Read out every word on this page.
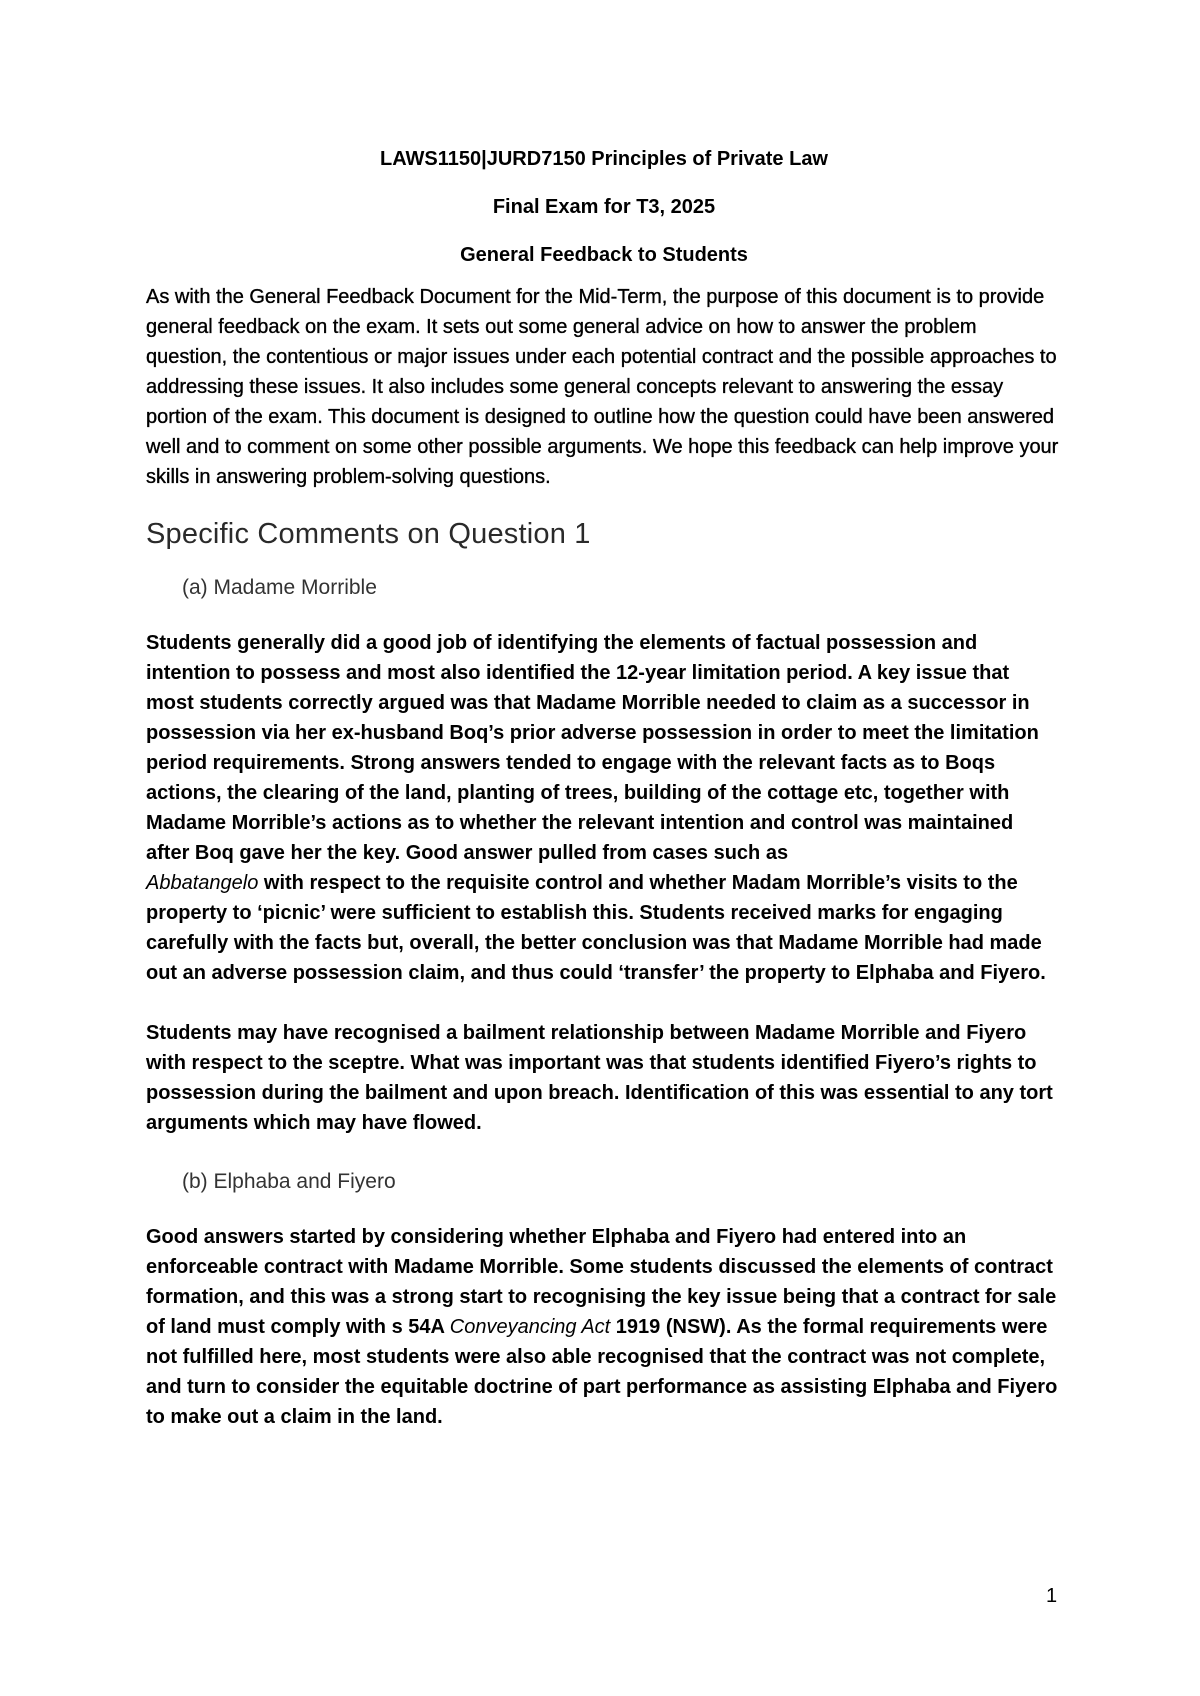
LAWS1150|JURD7150 Principles of Private Law

Final Exam for T3, 2025

General Feedback to Students

As with the General Feedback Document for the Mid-Term, the purpose of this document is to provide general feedback on the exam. It sets out some general advice on how to answer the problem question, the contentious or major issues under each potential contract and the possible approaches to addressing these issues. It also includes some general concepts relevant to answering the essay portion of the exam. This document is designed to outline how the question could have been answered well and to comment on some other possible arguments. We hope this feedback can help improve your skills in answering problem-solving questions.

Specific Comments on Question 1
(a) Madame Morrible

Students generally did a good job of identifying the elements of factual possession and intention to possess and most also identified the 12-year limitation period. A key issue that most students correctly argued was that Madame Morrible needed to claim as a successor in possession via her ex-husband Boq’s prior adverse possession in order to meet the limitation period requirements. Strong answers tended to engage with the relevant facts as to Boqs actions, the clearing of the land, planting of trees, building of the cottage etc, together with Madame Morrible’s actions as to whether the relevant intention and control was maintained after Boq gave her the key. Good answer pulled from cases such as
Abbatangelo with respect to the requisite control and whether Madam Morrible’s visits to the property to ‘picnic’ were sufficient to establish this. Students received marks for engaging carefully with the facts but, overall, the better conclusion was that Madame Morrible had made out an adverse possession claim, and thus could ‘transfer’ the property to Elphaba and Fiyero.

Students may have recognised a bailment relationship between Madame Morrible and Fiyero with respect to the sceptre. What was important was that students identified Fiyero’s rights to possession during the bailment and upon breach. Identification of this was essential to any tort arguments which may have flowed.

(b) Elphaba and Fiyero

Good answers started by considering whether Elphaba and Fiyero had entered into an enforceable contract with Madame Morrible. Some students discussed the elements of contract formation, and this was a strong start to recognising the key issue being that a contract for sale of land must comply with s 54A Conveyancing Act 1919 (NSW). As the formal requirements were not fulfilled here, most students were also able recognised that the contract was not complete, and turn to consider the equitable doctrine of part performance as assisting Elphaba and Fiyero to make out a claim in the land.

1
